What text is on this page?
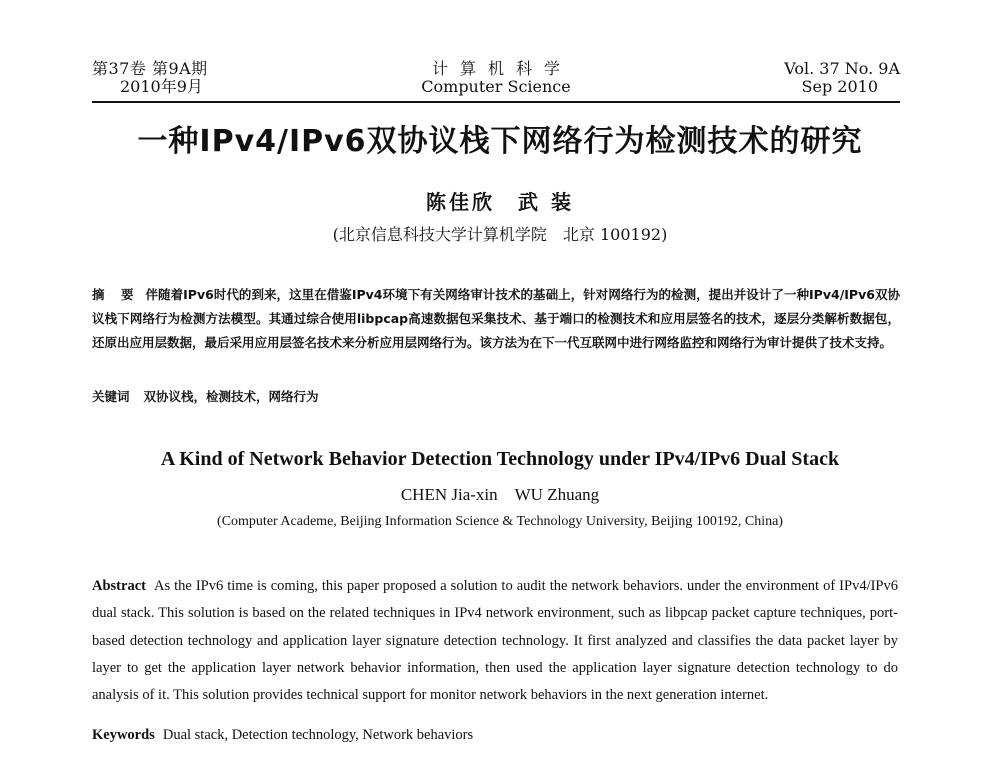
第37卷 第9A期
2010年9月
计算机科学
Computer Science
Vol. 37 No. 9A
Sep 2010
一种IPv4/IPv6双协议栈下网络行为检测技术的研究
陈佳欣　武 装
(北京信息科技大学计算机学院　北京 100192)
摘 要 伴随着IPv6时代的到来，这里在借鉴IPv4环境下有关网络审计技术的基础上，针对网络行为的检测，提出并设计了一种IPv4/IPv6双协议栈下网络行为检测方法模型。其通过综合使用libpcap高速数据包采集技术、基于端口的检测技术和应用层签名的技术，逐层分类解析数据包，还原出应用层数据，最后采用应用层签名技术来分析应用层网络行为。该方法为在下一代互联网中进行网络监控和网络行为审计提供了技术支持。
关键词 双协议栈，检测技术，网络行为
A Kind of Network Behavior Detection Technology under IPv4/IPv6 Dual Stack
CHEN Jia-xin　WU Zhuang
(Computer Academe, Beijing Information Science & Technology University, Beijing 100192, China)
Abstract As the IPv6 time is coming, this paper proposed a solution to audit the network behaviors. under the environment of IPv4/IPv6 dual stack. This solution is based on the related techniques in IPv4 network environment, such as libpcap packet capture techniques, port-based detection technology and application layer signature detection technology. It first analyzed and classifies the data packet layer by layer to get the application layer network behavior information, then used the application layer signature detection technology to do analysis of it. This solution provides technical support for monitor network behaviors in the next generation internet.
Keywords Dual stack, Detection technology, Network behaviors
